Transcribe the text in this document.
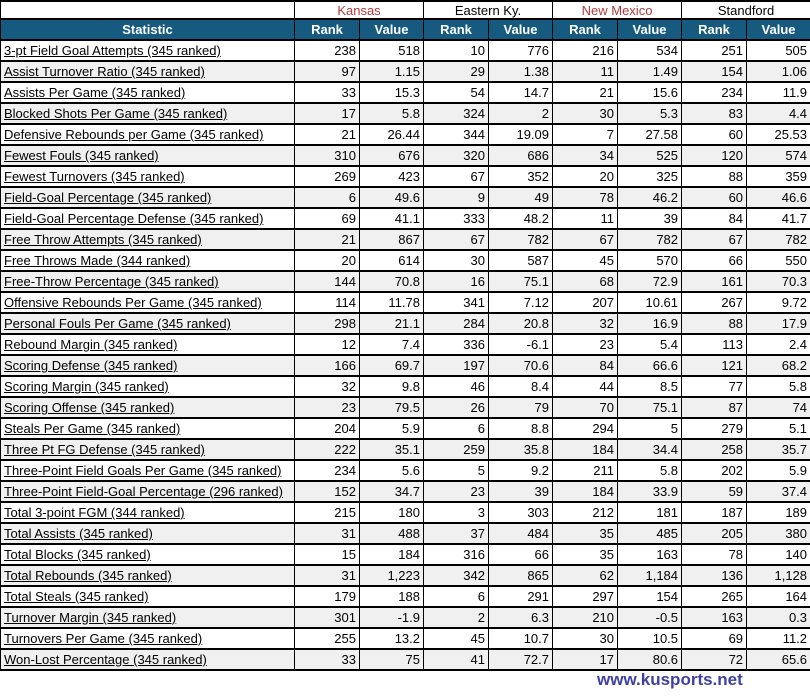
	Kansas		Eastern Ky.		New Mexico		Standford	
Statistic	Rank	Value	Rank	Value	Rank	Value	Rank	Value
3-pt Field Goal Attempts (345 ranked)	238	518	10	776	216	534	251	505
Assist Turnover Ratio (345 ranked)	97	1.15	29	1.38	11	1.49	154	1.06
Assists Per Game (345 ranked)	33	15.3	54	14.7	21	15.6	234	11.9
Blocked Shots Per Game (345 ranked)	17	5.8	324	2	30	5.3	83	4.4
Defensive Rebounds per Game (345 ranked)	21	26.44	344	19.09	7	27.58	60	25.53
Fewest Fouls (345 ranked)	310	676	320	686	34	525	120	574
Fewest Turnovers (345 ranked)	269	423	67	352	20	325	88	359
Field-Goal Percentage (345 ranked)	6	49.6	9	49	78	46.2	60	46.6
Field-Goal Percentage Defense (345 ranked)	69	41.1	333	48.2	11	39	84	41.7
Free Throw Attempts (345 ranked)	21	867	67	782	67	782	67	782
Free Throws Made (344 ranked)	20	614	30	587	45	570	66	550
Free-Throw Percentage (345 ranked)	144	70.8	16	75.1	68	72.9	161	70.3
Offensive Rebounds Per Game (345 ranked)	114	11.78	341	7.12	207	10.61	267	9.72
Personal Fouls Per Game (345 ranked)	298	21.1	284	20.8	32	16.9	88	17.9
Rebound Margin (345 ranked)	12	7.4	336	-6.1	23	5.4	113	2.4
Scoring Defense (345 ranked)	166	69.7	197	70.6	84	66.6	121	68.2
Scoring Margin (345 ranked)	32	9.8	46	8.4	44	8.5	77	5.8
Scoring Offense (345 ranked)	23	79.5	26	79	70	75.1	87	74
Steals Per Game (345 ranked)	204	5.9	6	8.8	294	5	279	5.1
Three Pt FG Defense (345 ranked)	222	35.1	259	35.8	184	34.4	258	35.7
Three-Point Field Goals Per Game (345 ranked)	234	5.6	5	9.2	211	5.8	202	5.9
Three-Point Field-Goal Percentage (296 ranked)	152	34.7	23	39	184	33.9	59	37.4
Total 3-point FGM (344 ranked)	215	180	3	303	212	181	187	189
Total Assists (345 ranked)	31	488	37	484	35	485	205	380
Total Blocks (345 ranked)	15	184	316	66	35	163	78	140
Total Rebounds (345 ranked)	31	1,223	342	865	62	1,184	136	1,128
Total Steals (345 ranked)	179	188	6	291	297	154	265	164
Turnover Margin (345 ranked)	301	-1.9	2	6.3	210	-0.5	163	0.3
Turnovers Per Game (345 ranked)	255	13.2	45	10.7	30	10.5	69	11.2
Won-Lost Percentage (345 ranked)	33	75	41	72.7	17	80.6	72	65.6
www.kusports.net
